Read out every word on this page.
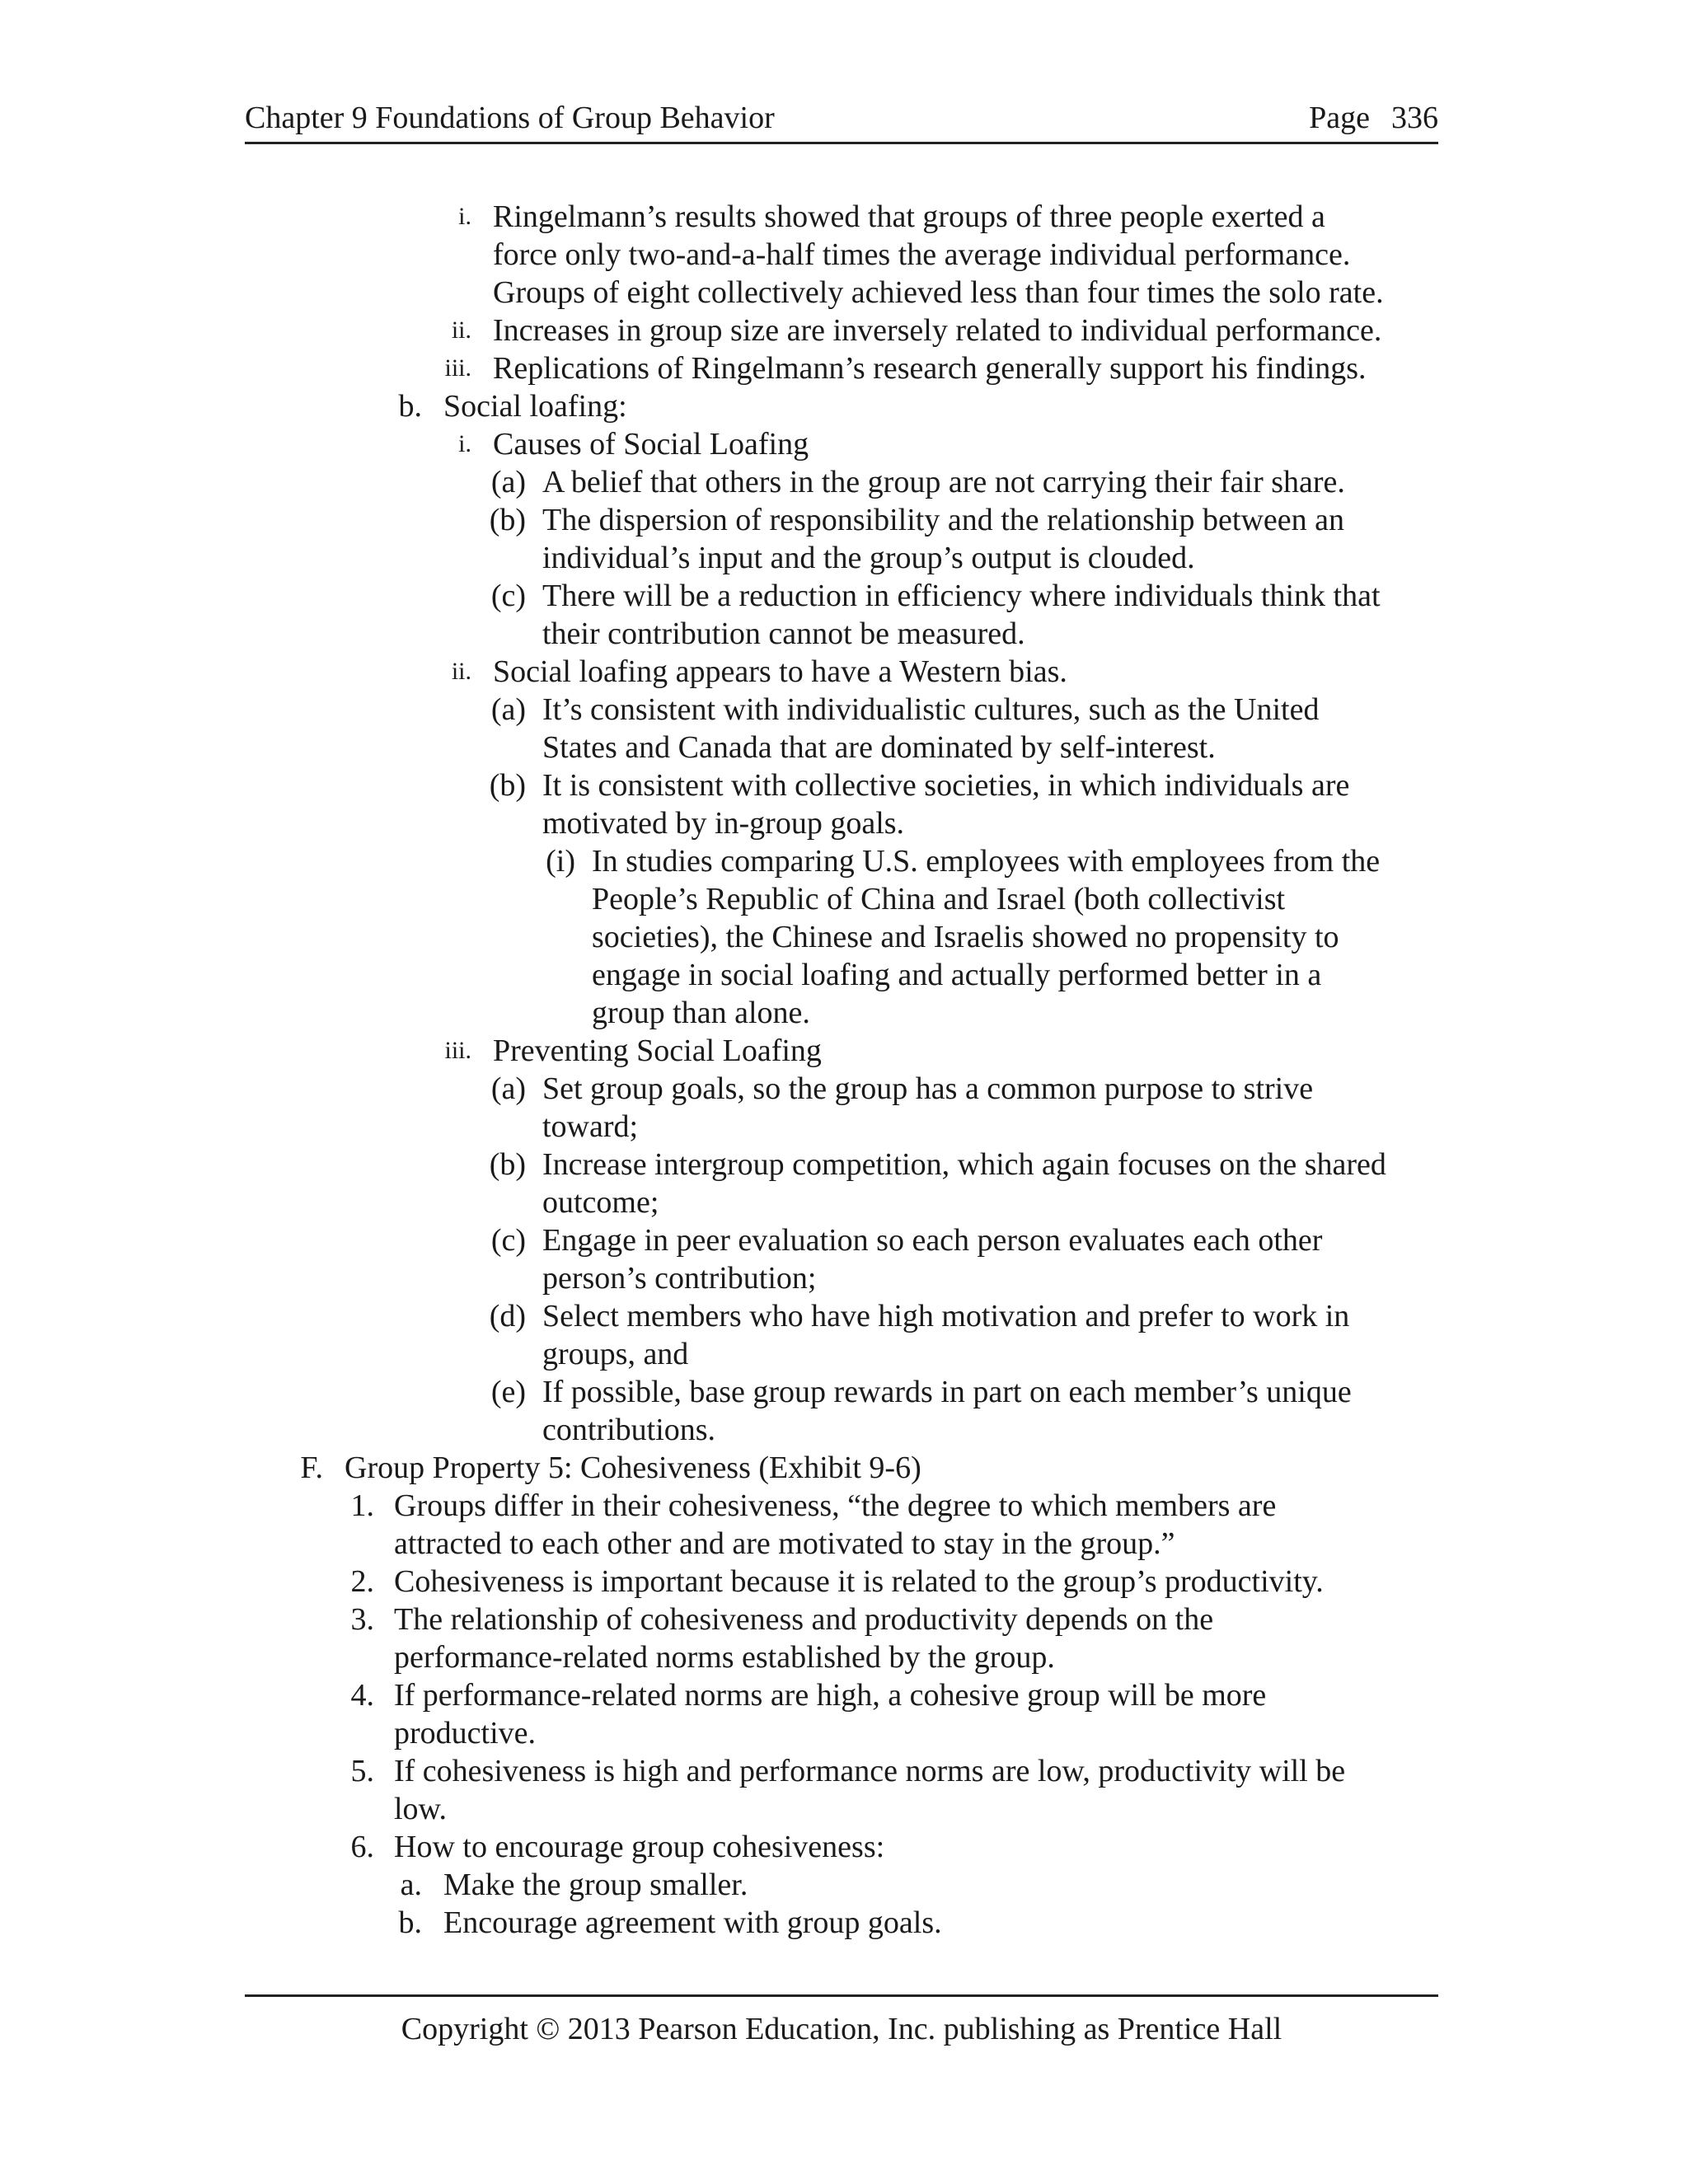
Chapter 9 Foundations of Group Behavior	Page 336
i. Ringelmann’s results showed that groups of three people exerted a
force only two-and-a-half times the average individual performance.
Groups of eight collectively achieved less than four times the solo rate.
ii. Increases in group size are inversely related to individual performance.
iii. Replications of Ringelmann’s research generally support his findings.
b. Social loafing:
i. Causes of Social Loafing
(a) A belief that others in the group are not carrying their fair share.
(b) The dispersion of responsibility and the relationship between an
individual’s input and the group’s output is clouded.
(c) There will be a reduction in efficiency where individuals think that
their contribution cannot be measured.
ii. Social loafing appears to have a Western bias.
(a) It’s consistent with individualistic cultures, such as the United
States and Canada that are dominated by self-interest.
(b) It is consistent with collective societies, in which individuals are
motivated by in-group goals.
(i) In studies comparing U.S. employees with employees from the
People’s Republic of China and Israel (both collectivist
societies), the Chinese and Israelis showed no propensity to
engage in social loafing and actually performed better in a
group than alone.
iii. Preventing Social Loafing
(a) Set group goals, so the group has a common purpose to strive
toward;
(b) Increase intergroup competition, which again focuses on the shared
outcome;
(c) Engage in peer evaluation so each person evaluates each other
person’s contribution;
(d) Select members who have high motivation and prefer to work in
groups, and
(e) If possible, base group rewards in part on each member’s unique
contributions.
F. Group Property 5: Cohesiveness (Exhibit 9-6)
1. Groups differ in their cohesiveness, “the degree to which members are
attracted to each other and are motivated to stay in the group.”
2. Cohesiveness is important because it is related to the group’s productivity.
3. The relationship of cohesiveness and productivity depends on the
performance-related norms established by the group.
4. If performance-related norms are high, a cohesive group will be more
productive.
5. If cohesiveness is high and performance norms are low, productivity will be
low.
6. How to encourage group cohesiveness:
a. Make the group smaller.
b. Encourage agreement with group goals.
Copyright © 2013 Pearson Education, Inc. publishing as Prentice Hall
